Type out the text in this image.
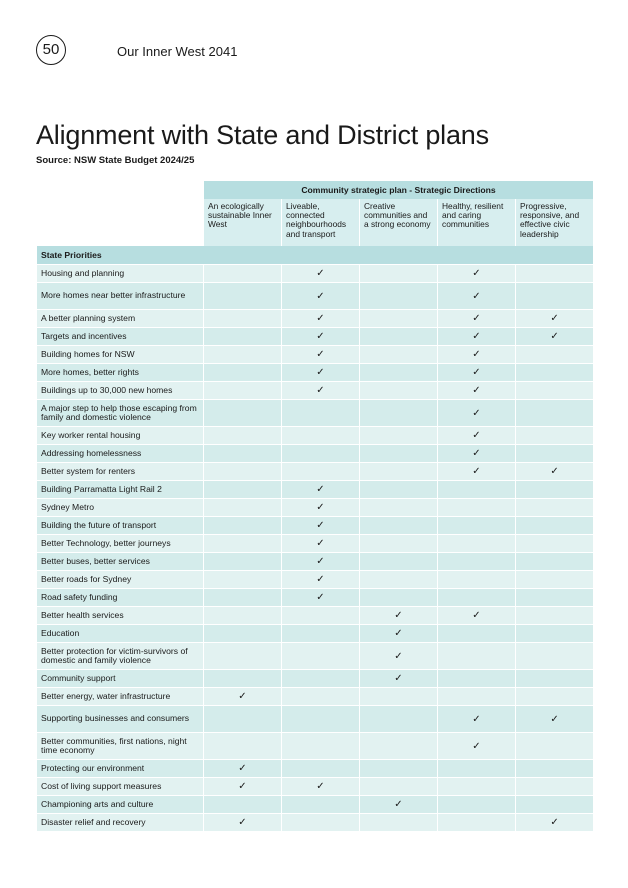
50	Our Inner West 2041
Alignment with State and District plans
Source: NSW State Budget 2024/25
	Community strategic plan - Strategic Directions				
	An ecologically sustainable Inner West	Liveable, connected neighbourhoods and transport	Creative communities and a strong economy	Healthy, resilient and caring communities	Progressive, responsive, and effective civic leadership
State Priorities					
Housing and planning		✓		✓	
More homes near better infrastructure		✓		✓	
A better planning system		✓		✓	✓
Targets and incentives		✓		✓	✓
Building homes for NSW		✓		✓	
More homes, better rights		✓		✓	
Buildings up to 30,000 new homes		✓		✓	
A major step to help those escaping from family and domestic violence				✓	
Key worker rental housing				✓	
Addressing homelessness				✓	
Better system for renters				✓	✓
Building Parramatta Light Rail 2		✓			
Sydney Metro		✓			
Building the future of transport		✓			
Better Technology, better journeys		✓			
Better buses, better services		✓			
Better roads for Sydney		✓			
Road safety funding		✓			
Better health services			✓	✓	
Education			✓		
Better protection for victim-survivors of domestic and family violence			✓		
Community support			✓		
Better energy, water infrastructure	✓				
Supporting businesses and consumers				✓	✓
Better communities, first nations, night time economy				✓	
Protecting our environment	✓				
Cost of living support measures	✓	✓			
Championing arts and culture			✓		
Disaster relief and recovery	✓				✓
